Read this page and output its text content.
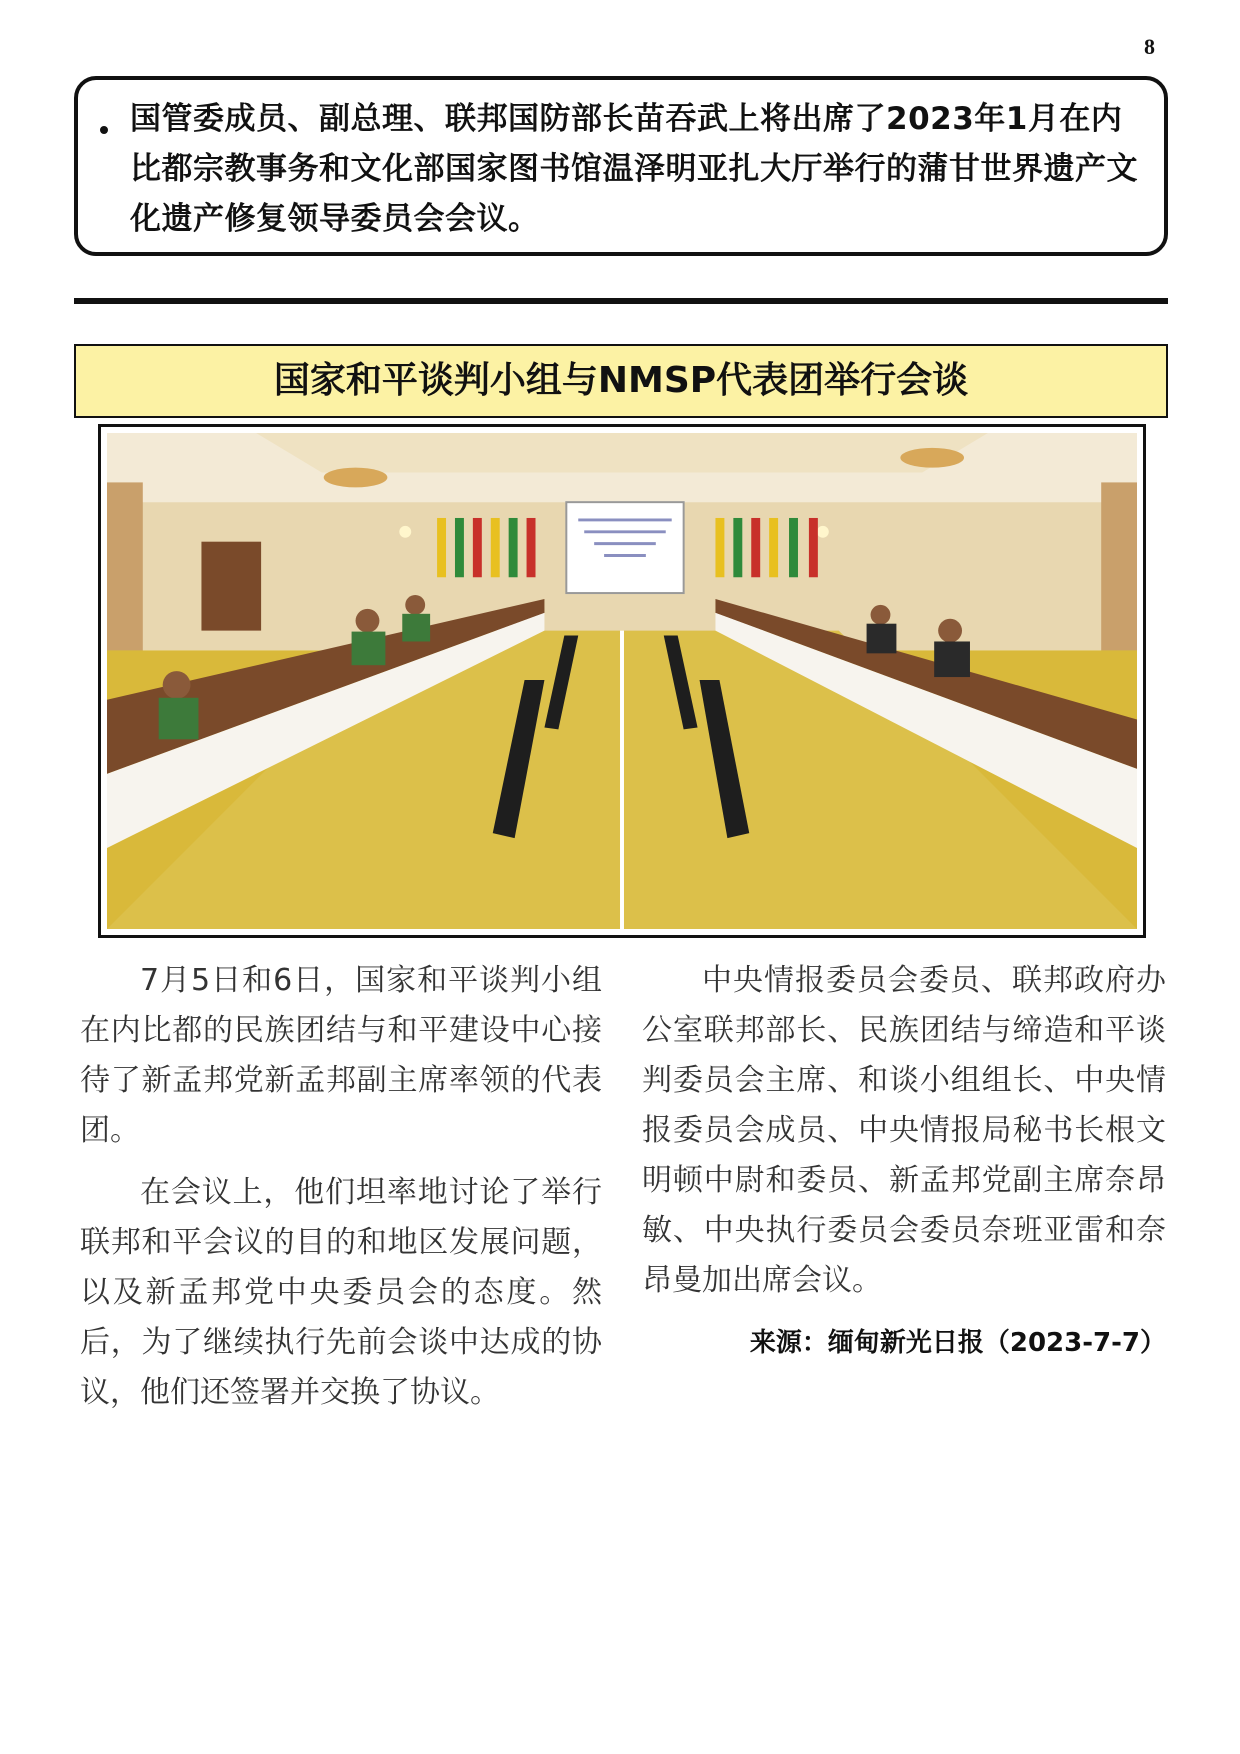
8
国管委成员、副总理、联邦国防部长苗吞武上将出席了2023年1月在内比都宗教事务和文化部国家图书馆温泽明亚扎大厅举行的蒲甘世界遗产文化遗产修复领导委员会会议。
国家和平谈判小组与NMSP代表团举行会谈

7月5日和6日，国家和平谈判小组在内比都的民族团结与和平建设中心接待了新孟邦党新孟邦副主席率领的代表团。

在会议上，他们坦率地讨论了举行联邦和平会议的目的和地区发展问题，以及新孟邦党中央委员会的态度。然后，为了继续执行先前会谈中达成的协议，他们还签署并交换了协议。

中央情报委员会委员、联邦政府办公室联邦部长、民族团结与缔造和平谈判委员会主席、和谈小组组长、中央情报委员会成员、中央情报局秘书长根文明顿中尉和委员、新孟邦党副主席奈昂敏、中央执行委员会委员奈班亚雷和奈昂曼加出席会议。

来源：缅甸新光日报（2023-7-7）
